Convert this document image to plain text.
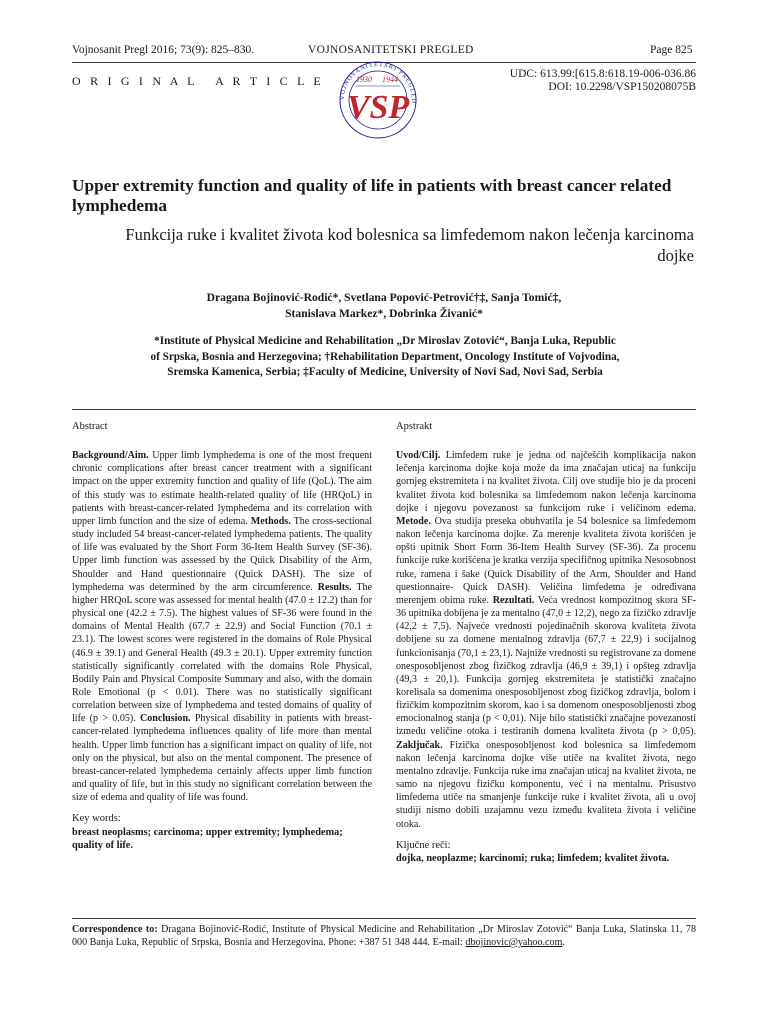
Vojnosanit Pregl 2016; 73(9): 825–830.	VOJNOSANITETSKI PREGLED	Page 825
O R I G I N A L   A R T I C L E
VOJNOSANITETSKI PREGLED
1930 1944
VSP
UDC: 613.99:[615.8:618.19-006-036.86
DOI: 10.2298/VSP150208075B
Upper extremity function and quality of life in patients with breast cancer related lymphedema
Funkcija ruke i kvalitet života kod bolesnica sa limfedemom nakon lečenja karcinoma dojke
Dragana Bojinović-Rodić*, Svetlana Popović-Petrović†‡, Sanja Tomić‡,
Stanislava Markez*, Dobrinka Živanić*
*Institute of Physical Medicine and Rehabilitation „Dr Miroslav Zotović“, Banja Luka, Republic of Srpska, Bosnia and Herzegovina; †Rehabilitation Department, Oncology Institute of Vojvodina, Sremska Kamenica, Serbia; ‡Faculty of Medicine, University of Novi Sad, Novi Sad, Serbia
Abstract

Background/Aim. Upper limb lymphedema is one of the most frequent chronic complications after breast cancer treatment with a significant impact on the upper extremity function and quality of life (QoL). The aim of this study was to estimate health-related quality of life (HRQoL) in patients with breast-cancer-related lymphedema and its correlation with upper limb function and the size of edema. Methods. The cross-sectional study included 54 breast-cancer-related lymphedema patients. The quality of life was evaluated by the Short Form 36-Item Health Survey (SF-36). Upper limb function was assessed by the Quick Disability of the Arm, Shoulder and Hand questionnaire (Quick DASH). The size of lymphedema was determined by the arm circumference. Results. The higher HRQoL score was assessed for mental health (47.0 ± 12.2) than for physical one (42.2 ± 7.5). The highest values of SF-36 were found in the domains of Mental Health (67.7 ± 22.9) and Social Function (70.1 ± 23.1). The lowest scores were registered in the domains of Role Physical (46.9 ± 39.1) and General Health (49.3 ± 20.1). Upper extremity function statistically significantly correlated with the domains Role Physical, Bodily Pain and Physical Composite Summary and also, with the domain Role Emotional (p < 0.01). There was no statistically significant correlation between size of lymphedema and tested domains of quality of life (p > 0.05). Conclusion. Physical disability in patients with breast-cancer-related lymphedema influences quality of life more than mental health. Upper limb function has a significant impact on quality of life, not only on the physical, but also on the mental component. The presence of breast-cancer-related lymphedema certainly affects upper limb function and quality of life, but in this study no significant correlation between the size of edema and quality of life was found.

Key words:

breast neoplasms; carcinoma; upper extremity; lymphedema; quality of life.

Apstrakt

Uvod/Cilj. Limfedem ruke je jedna od najčešćih komplikacija nakon lečenja karcinoma dojke koja može da ima značajan uticaj na funkciju gornjeg ekstremiteta i na kvalitet života. Cilj ove studije bio je da proceni kvalitet života kod bolesnika sa limfedemom nakon lečenja karcinoma dojke i njegovu povezanost sa funkcijom ruke i veličinom edema. Metode. Ova studija preseka obuhvatila je 54 bolesnice sa limfedemom nakon lečenja karcinoma dojke. Za merenje kvaliteta života korišćen je opšti upitnik Short Form 36-Item Health Survey (SF-36). Za procenu funkcije ruke korišćena je kratka verzija specifičnog upitnika Nesosobnost ruke, ramena i šake (Quick Disability of the Arm, Shoulder and Hand questionnaire- Quick DASH). Veličina limfedema je određivana merenjem obima ruke. Rezultati. Veća vrednost kompozitnog skora SF-36 upitnika dobijena je za mentalno (47,0 ± 12,2), nego za fizičko zdravlje (42,2 ± 7,5). Najveće vrednosti pojedinačnih skorova kvaliteta života dobijene su za domene mentalnog zdravlja (67,7 ± 22,9) i socijalnog funkcionisanja (70,1 ± 23,1). Najniže vrednosti su registrovane za domene onesposobljenost zbog fizičkog zdravlja (46,9 ± 39,1) i opšteg zdravlja (49,3 ± 20,1). Funkcija gornjeg ekstremiteta je statistički značajno korelisala sa domenima onesposobljenost zbog fizičkog zdravlja, bolom i fizičkim kompozitnim skorom, kao i sa domenom onesposobljenosti zbog emocionalnog stanja (p < 0,01). Nije bilo statistički značajne povezanosti između veličine otoka i testiranih domena kvaliteta života (p > 0,05). Zaključak. Fizička onesposobljenost kod bolesnica sa limfedemom nakon lečenja karcinoma dojke više utiče na kvalitet života, nego mentalno zdravlje. Funkcija ruke ima značajan uticaj na kvalitet života, ne samo na njegovu fizičku komponentu, već i na mentalnu. Prisustvo limfedema utiče na smanjenje funkcije ruke i kvalitet života, ali u ovoj studiji nismo dobili uzajamnu vezu između kvaliteta života i veličine otoka.

Ključne reči:

dojka, neoplazme; karcinomi; ruka; limfedem; kvalitet života.

Correspondence to: Dragana Bojinović-Rodić, Institute of Physical Medicine and Rehabilitation „Dr Miroslav Zotović“ Banja Luka, Slatinska 11, 78 000 Banja Luka, Republic of Srpska, Bosnia and Herzegovina. Phone: +387 51 348 444. E-mail: dbojinovic@yahoo.com.
